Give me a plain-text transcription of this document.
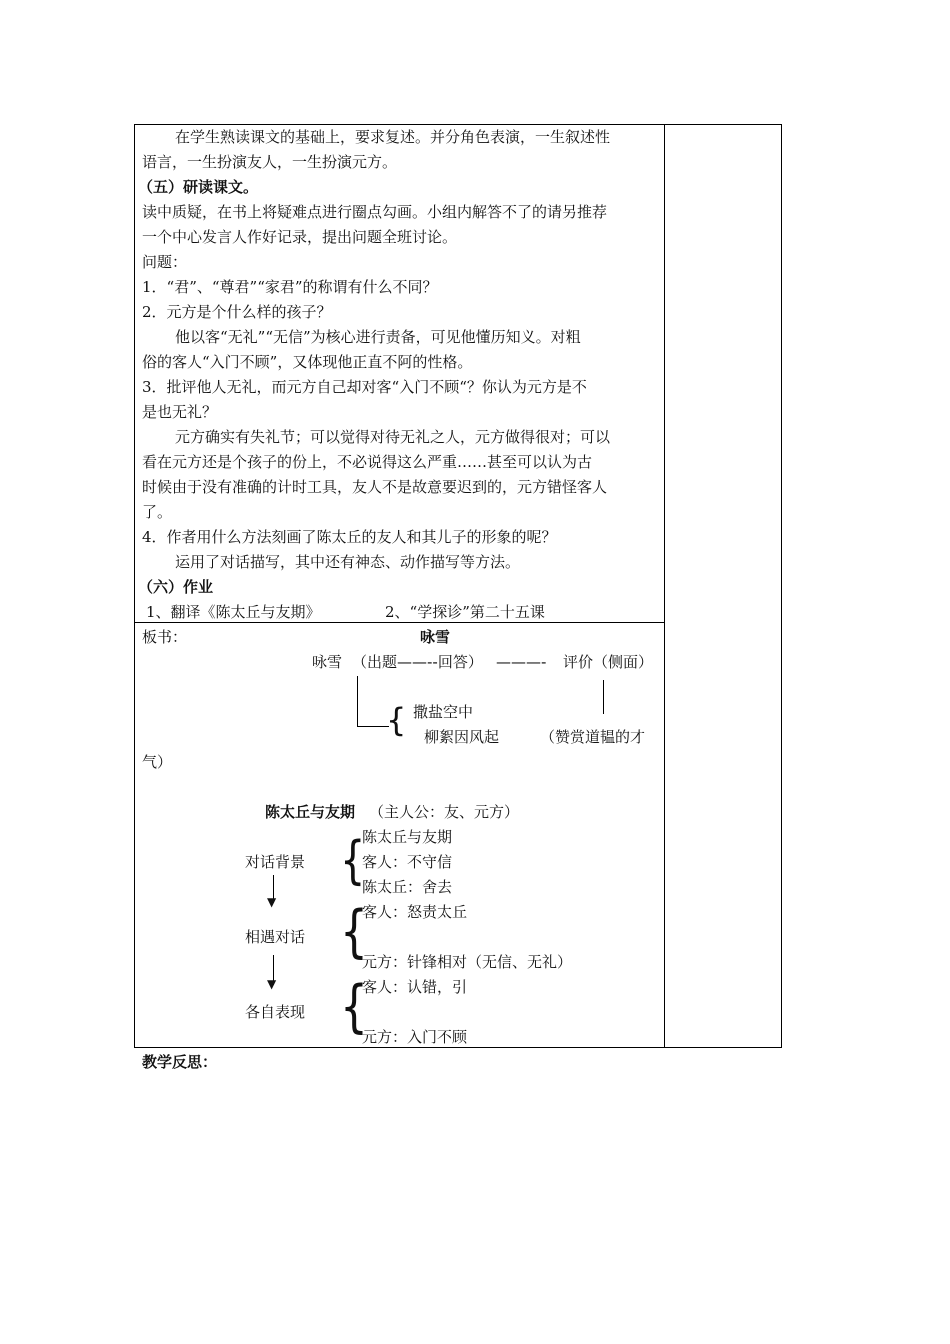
在学生熟读课文的基础上，要求复述。并分角色表演，一生叙述性
语言，一生扮演友人，一生扮演元方。
（五）研读课文。
读中质疑，在书上将疑难点进行圈点勾画。小组内解答不了的请另推荐
一个中心发言人作好记录，提出问题全班讨论。
问题：
1．“君”、“尊君”“家君”的称谓有什么不同？
2．元方是个什么样的孩子？
他以客“无礼”“无信”为核心进行责备，可见他懂历知义。对粗
俗的客人“入门不顾”，又体现他正直不阿的性格。
3．批评他人无礼，而元方自己却对客“入门不顾“？你认为元方是不
是也无礼？
元方确实有失礼节；可以觉得对待无礼之人，元方做得很对；可以
看在元方还是个孩子的份上，不必说得这么严重……甚至可以认为古
时候由于没有准确的计时工具，友人不是故意要迟到的，元方错怪客人
了。
4．作者用什么方法刻画了陈太丘的友人和其儿子的形象的呢？
运用了对话描写，其中还有神态、动作描写等方法。
（六）作业
1、翻译《陈太丘与友期》	2、“学探诊”第二十五课
板书：	咏雪
咏雪 （出题——--回答） ———- 评价（侧面）
{ 撒盐空中
柳絮因风起	（赞赏道韫的才
气）
陈太丘与友期 （主人公：友、元方）
对话背景 {
陈太丘与友期
客人：不守信
陈太丘：舍去
▼
相遇对话 {
客人：怒责太丘
元方：针锋相对（无信、无礼）
▼
各自表现 {
客人：认错，引
元方：入门不顾
教学反思：
